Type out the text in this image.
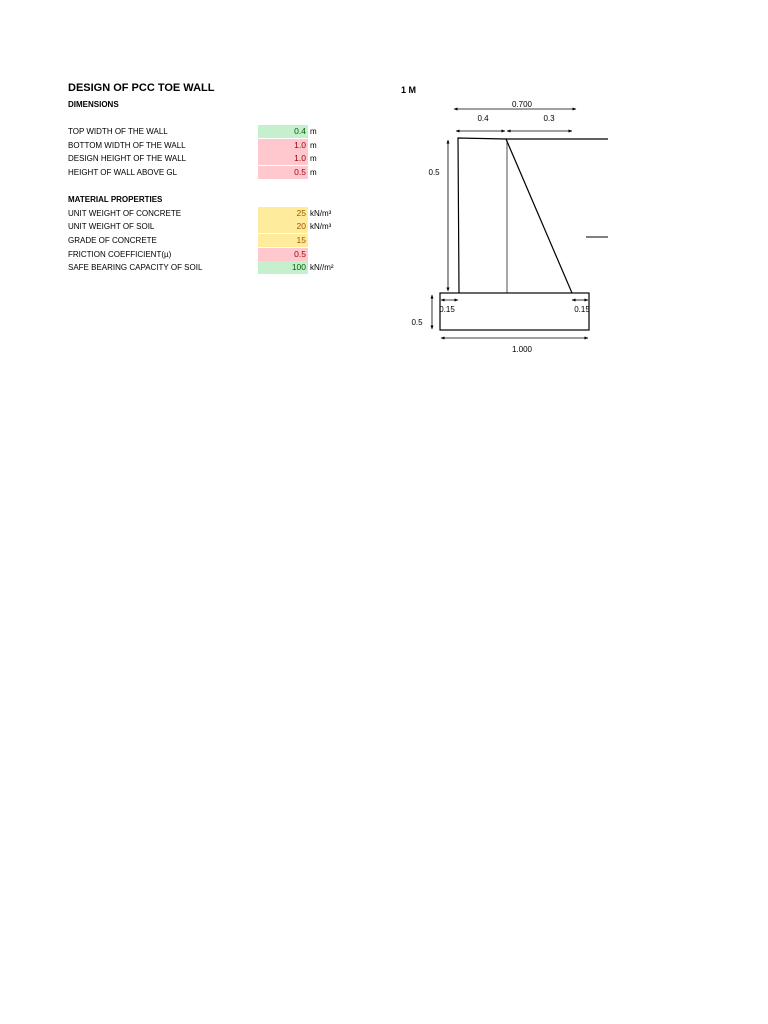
DESIGN OF PCC TOE WALL	1 M
DIMENSIONS
TOP WIDTH OF THE WALL	0.4 m
BOTTOM WIDTH OF THE WALL	1.0 m
DESIGN HEIGHT OF THE WALL	1.0 m
HEIGHT OF WALL ABOVE GL	0.5 m
MATERIAL PROPERTIES
UNIT WEIGHT OF CONCRETE	25 kN/m³
UNIT WEIGHT OF SOIL	20 kN/m³
GRADE OF CONCRETE	15
FRICTION COEFFICIENT(µ)	0.5
SAFE BEARING CAPACITY OF SOIL	100 kN//m²
0.700
0.4	0.3
0.5
0.15	0.15
0.5
1.000
